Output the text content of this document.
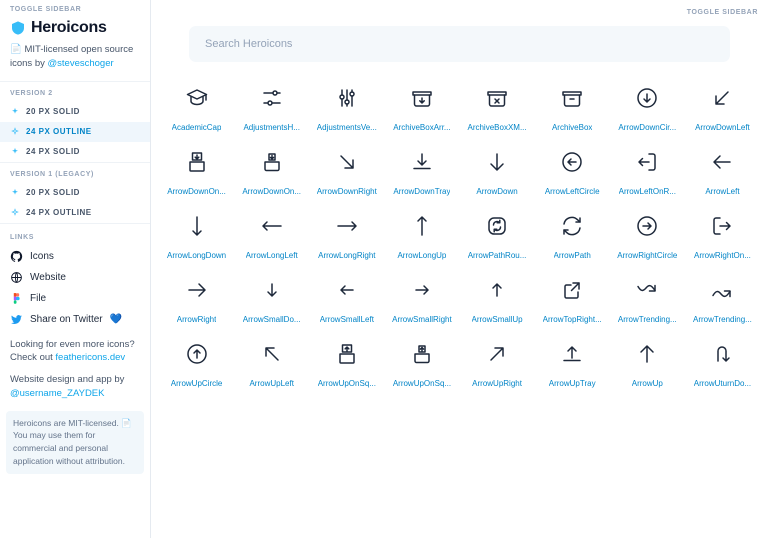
TOGGLE SIDEBAR
Heroicons
📄 MIT-licensed open source icons by @steveschoger
VERSION 2
20 PX SOLID
24 PX OUTLINE
24 PX SOLID
VERSION 1 (LEGACY)
20 PX SOLID
24 PX OUTLINE
LINKS
Icons
Website
File
Share on Twitter 💙
Looking for even more icons?
Check out feathericons.dev
Website design and app by
@username_ZAYDEK
Heroicons are MIT-licensed. 📄 You may use them for commercial and personal application without attribution.
TOGGLE SIDEBAR
Search Heroicons
AcademicCap	AdjustmentsH... AdjustmentsVe... ArchiveBoxArr... ArchiveBoxXM...	ArchiveBox	ArrowDownCir... ArrowDownLeft
ArrowDownOn... ArrowDownOn... ArrowDownRight ArrowDownTray	ArrowDown	ArrowLeftCircle ArrowLeftOnR...	ArrowLeft
ArrowLongDown ArrowLongLeft	ArrowLongRight	ArrowLongUp	ArrowPathRou...	ArrowPath	ArrowRightCircle ArrowRightOn...
ArrowRight	ArrowSmallDo... ArrowSmallLeft ArrowSmallRight ArrowSmallUp ArrowTopRight... ArrowTrending... ArrowTrending...
ArrowUpCircle	ArrowUpLeft	ArrowUpOnSq... ArrowUpOnSq...	ArrowUpRight	ArrowUpTray	ArrowUp	ArrowUturnDo...
